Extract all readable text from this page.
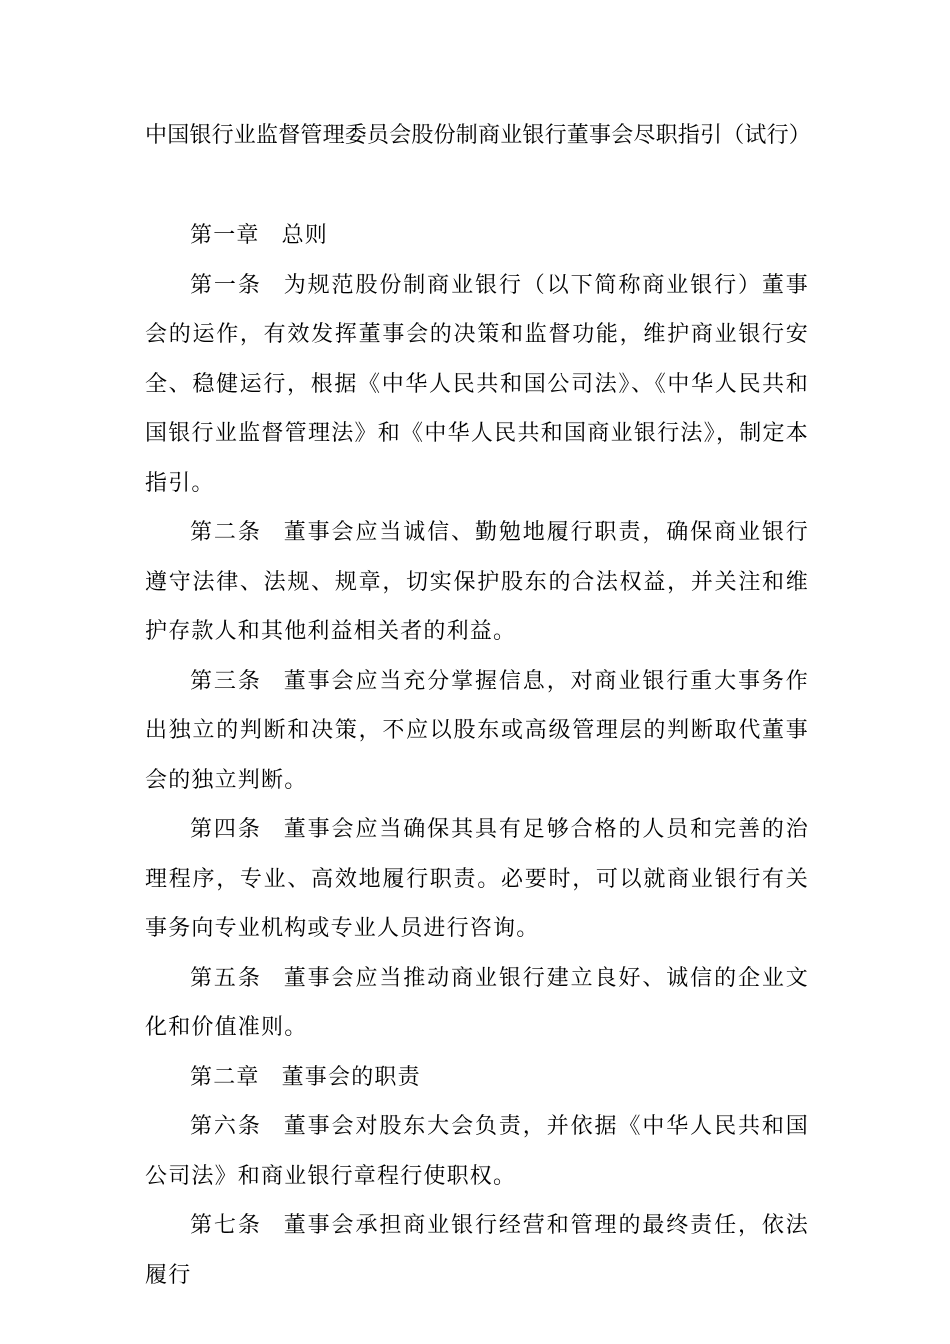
中国银行业监督管理委员会股份制商业银行董事会尽职指引（试行）

第一章 总则

第一条 为规范股份制商业银行（以下简称商业银行）董事会的运作，有效发挥董事会的决策和监督功能，维护商业银行安全、稳健运行，根据《中华人民共和国公司法》、《中华人民共和国银行业监督管理法》和《中华人民共和国商业银行法》，制定本指引。

第二条 董事会应当诚信、勤勉地履行职责，确保商业银行遵守法律、法规、规章，切实保护股东的合法权益，并关注和维护存款人和其他利益相关者的利益。

第三条 董事会应当充分掌握信息，对商业银行重大事务作出独立的判断和决策，不应以股东或高级管理层的判断取代董事会的独立判断。

第四条 董事会应当确保其具有足够合格的人员和完善的治理程序，专业、高效地履行职责。必要时，可以就商业银行有关事务向专业机构或专业人员进行咨询。

第五条 董事会应当推动商业银行建立良好、诚信的企业文化和价值准则。

第二章 董事会的职责

第六条 董事会对股东大会负责，并依据《中华人民共和国公司法》和商业银行章程行使职权。

第七条 董事会承担商业银行经营和管理的最终责任，依法履行
